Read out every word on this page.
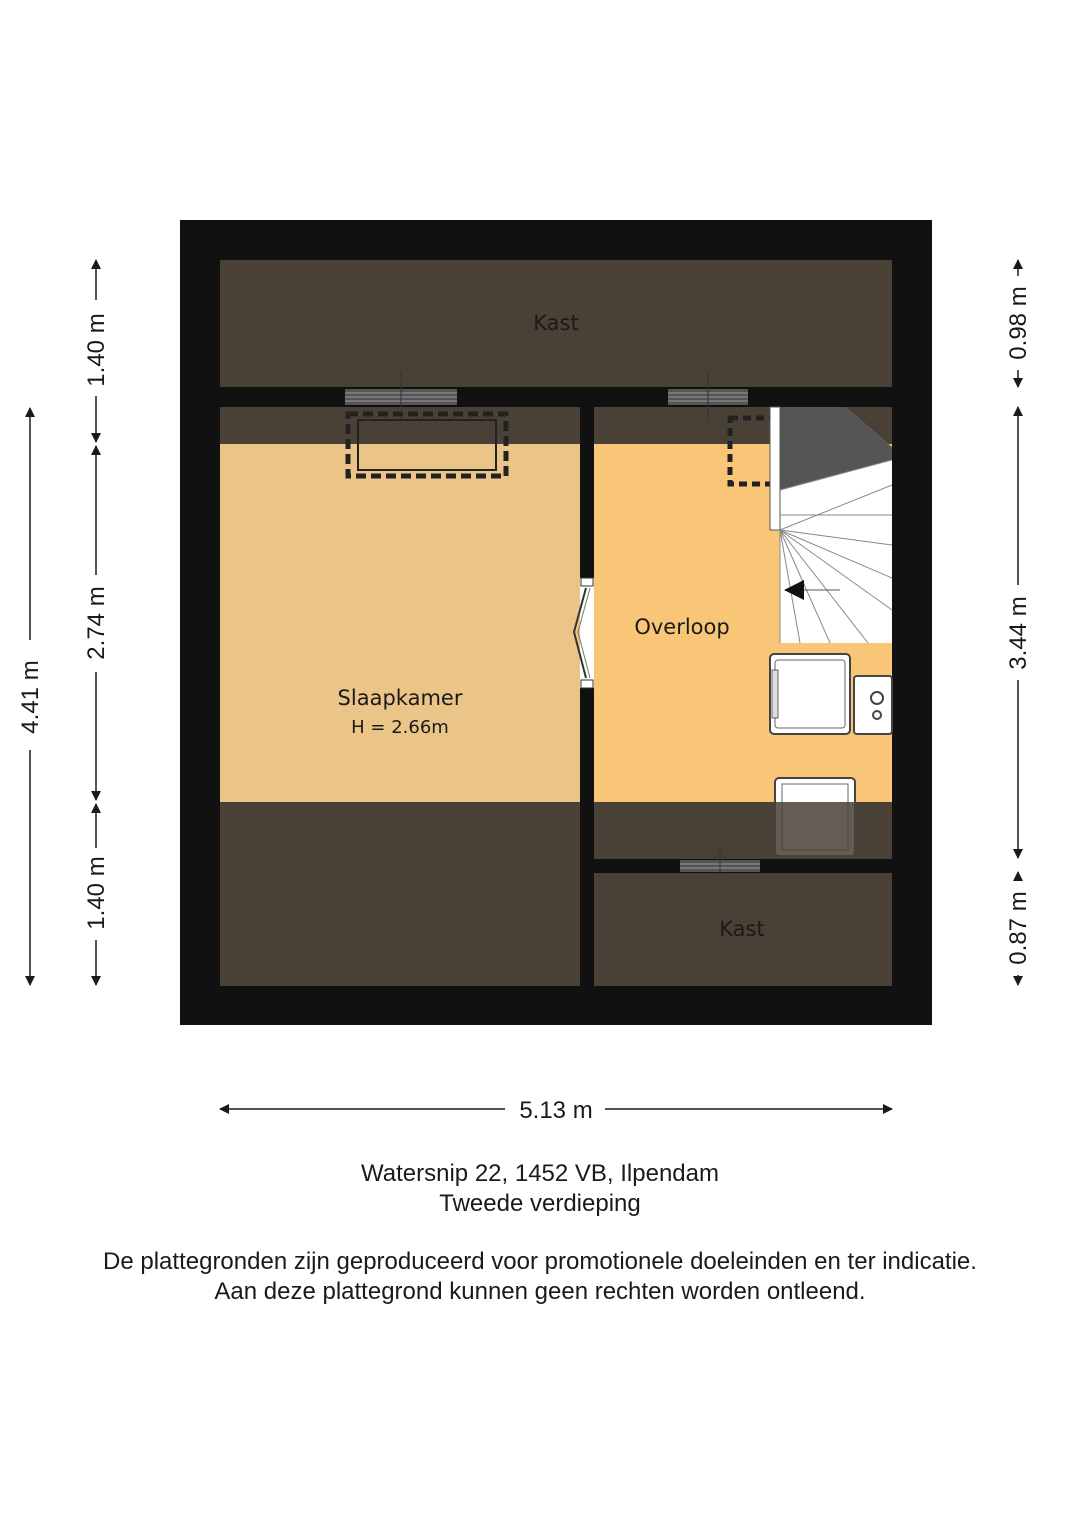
Kast
Slaapkamer
H = 2.66m
Overloop
Kast
4.41 m
1.40 m
2.74 m
1.40 m
0.98 m
3.44 m
0.87 m
5.13 m
Watersnip 22, 1452 VB, Ilpendam
Tweede verdieping
De plattegronden zijn geproduceerd voor promotionele doeleinden en ter indicatie.
Aan deze plattegrond kunnen geen rechten worden ontleend.
